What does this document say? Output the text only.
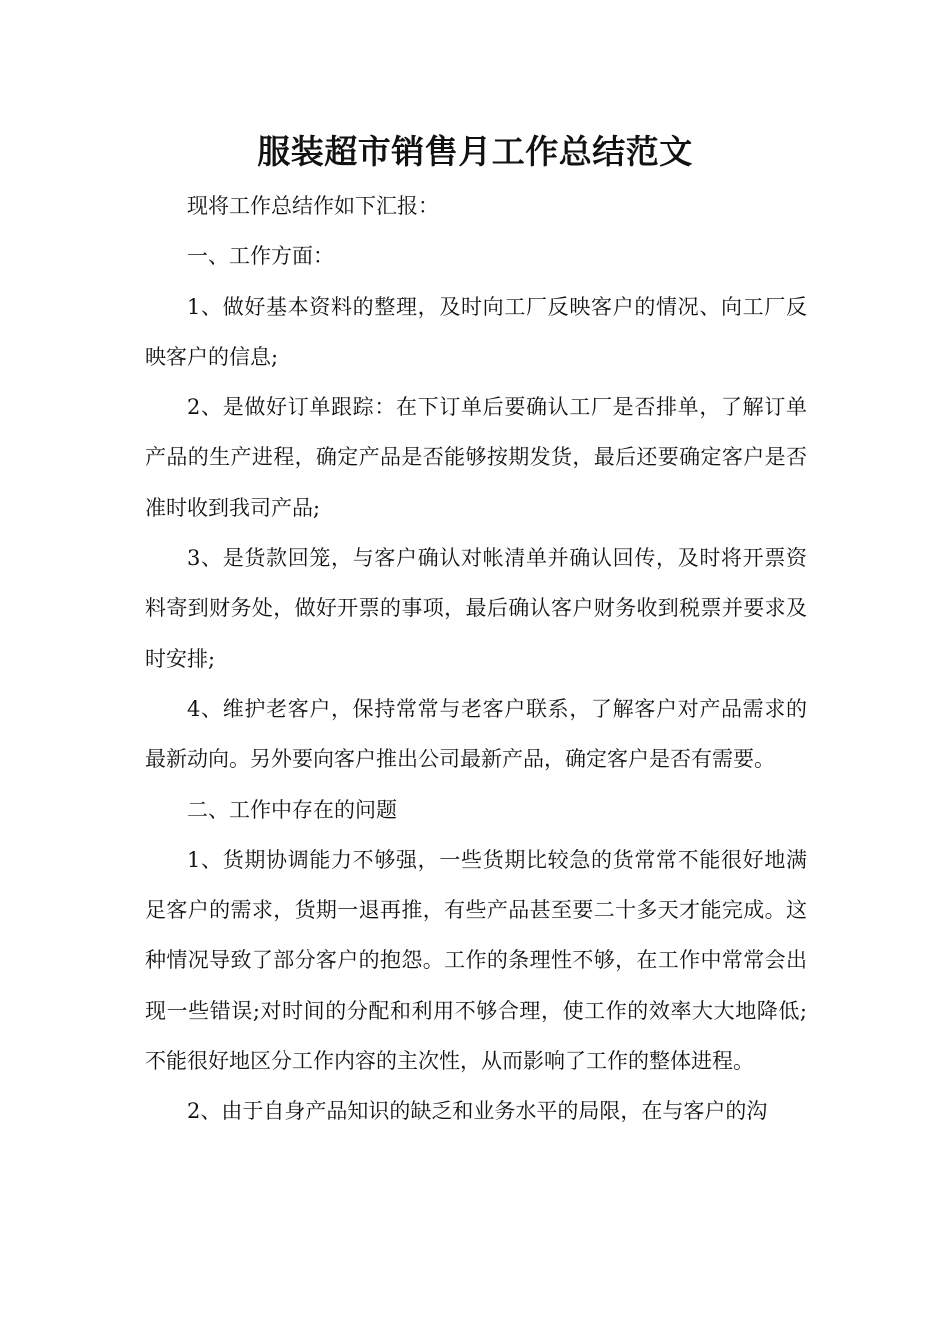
服装超市销售月工作总结范文

现将工作总结作如下汇报：

一、工作方面：

1、做好基本资料的整理，及时向工厂反映客户的情况、向工厂反映客户的信息;

2、是做好订单跟踪：在下订单后要确认工厂是否排单，了解订单产品的生产进程，确定产品是否能够按期发货，最后还要确定客户是否准时收到我司产品;

3、是货款回笼，与客户确认对帐清单并确认回传，及时将开票资料寄到财务处，做好开票的事项，最后确认客户财务收到税票并要求及时安排;

4、维护老客户，保持常常与老客户联系，了解客户对产品需求的最新动向。另外要向客户推出公司最新产品，确定客户是否有需要。

二、工作中存在的问题

1、货期协调能力不够强，一些货期比较急的货常常不能很好地满足客户的需求，货期一退再推，有些产品甚至要二十多天才能完成。这种情况导致了部分客户的抱怨。工作的条理性不够，在工作中常常会出现一些错误;对时间的分配和利用不够合理，使工作的效率大大地降低;不能很好地区分工作内容的主次性，从而影响了工作的整体进程。

2、由于自身产品知识的缺乏和业务水平的局限，在与客户的沟
